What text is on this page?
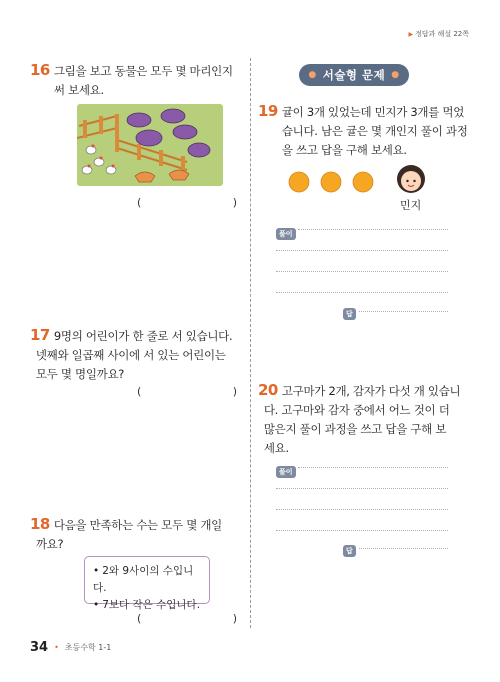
▶ 정답과 해설 22쪽
16 그림을 보고 동물은 모두 몇 마리인지
써 보세요.
(	)
17 9명의 어린이가 한 줄로 서 있습니다.
넷째와 일곱째 사이에 서 있는 어린이는
모두 몇 명일까요?
(	)
18 다음을 만족하는 수는 모두 몇 개일
까요?
• 2와 9사이의 수입니다.
• 7보다 작은 수입니다.
(	)
● 서술형 문제 ●
19 귤이 3개 있었는데 민지가 3개를 먹었
습니다. 남은 귤은 몇 개인지 풀이 과정
을 쓰고 답을 구해 보세요.
민지
풀이
답
20 고구마가 2개, 감자가 다섯 개 있습니
다. 고구마와 감자 중에서 어느 것이 더
많은지 풀이 과정을 쓰고 답을 구해 보
세요.
풀이
답
34 • 초등수학 1-1
